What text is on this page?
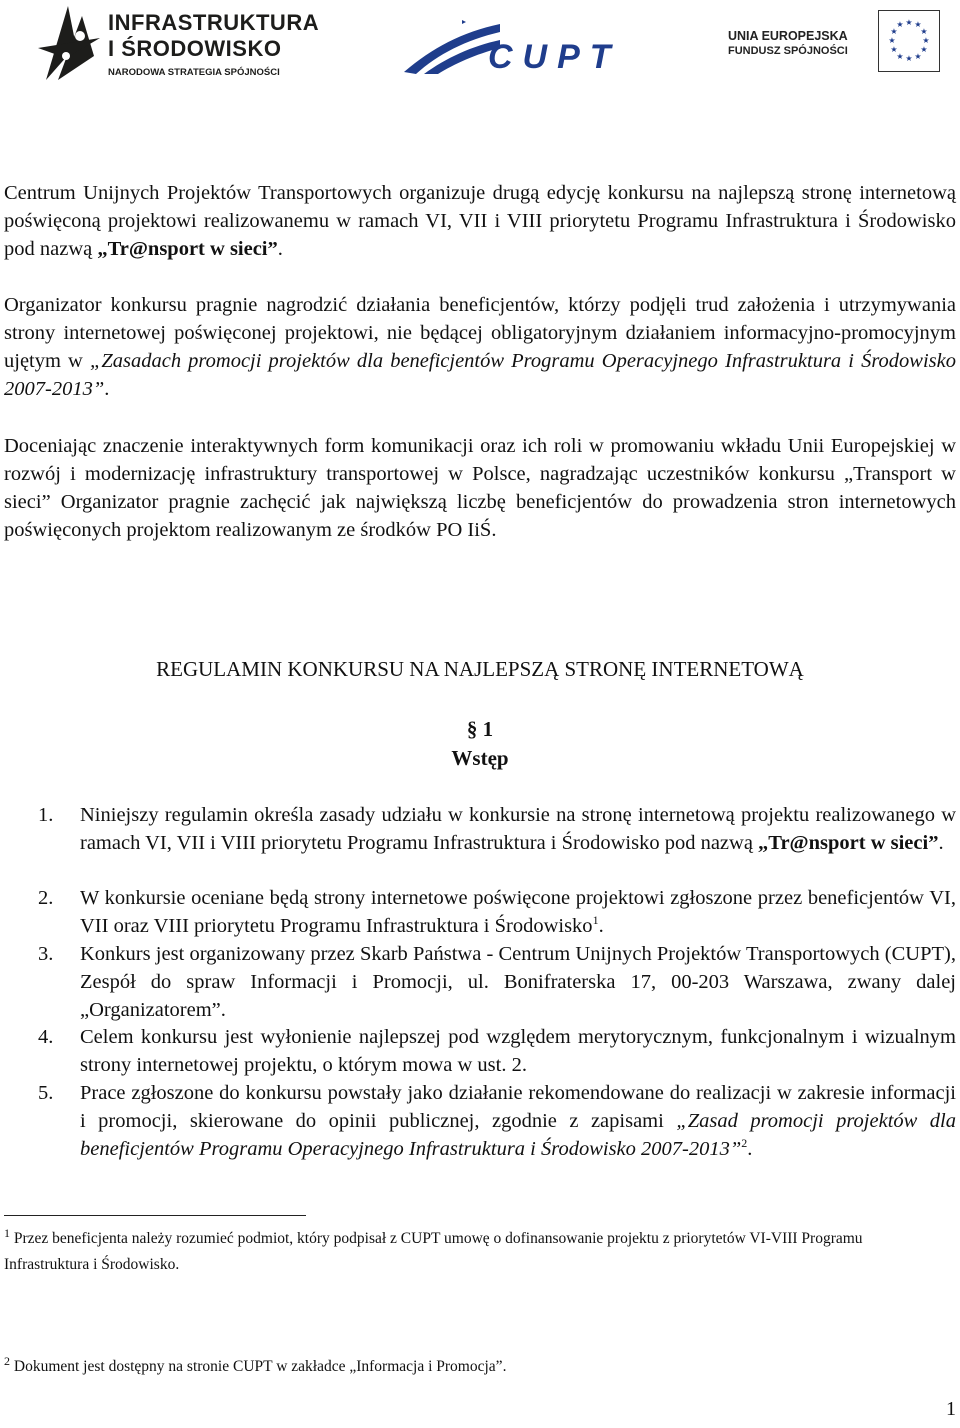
INFRASTRUKTURA
I ŚRODOWISKO
NARODOWA STRATEGIA SPÓJNOŚCI	CUPT
UNIA EUROPEJSKA
FUNDUSZ SPÓJNOŚCI
★ ★
★
★
★
★
★
★
★
★
★
★

Centrum Unijnych Projektów Transportowych organizuje drugą edycję konkursu na najlepszą stronę internetową poświęconą projektowi realizowanemu w ramach VI, VII i VIII priorytetu Programu Infrastruktura i Środowisko pod nazwą „Tr@nsport w sieci”.

Organizator konkursu pragnie nagrodzić działania beneficjentów, którzy podjęli trud założenia i utrzymywania strony internetowej poświęconej projektowi, nie będącej obligatoryjnym działaniem informacyjno-promocyjnym ujętym w „Zasadach promocji projektów dla beneficjentów Programu Operacyjnego Infrastruktura i Środowisko 2007-2013”.

Doceniając znaczenie interaktywnych form komunikacji oraz ich roli w promowaniu wkładu Unii Europejskiej w rozwój i modernizację infrastruktury transportowej w Polsce, nagradzając uczestników konkursu „Transport w sieci” Organizator pragnie zachęcić jak największą liczbę beneficjentów do prowadzenia stron internetowych poświęconych projektom realizowanym ze środków PO IiŚ.

REGULAMIN KONKURSU NA NAJLEPSZĄ STRONĘ INTERNETOWĄ
§ 1
Wstęp
1.	Niniejszy regulamin określa zasady udziału w konkursie na stronę internetową projektu realizowanego w ramach VI, VII i VIII priorytetu Programu Infrastruktura i Środowisko pod nazwą „Tr@nsport w sieci”.
2.	W konkursie oceniane będą strony internetowe poświęcone projektowi zgłoszone przez beneficjentów VI, VII oraz VIII priorytetu Programu Infrastruktura i Środowisko$^1$.
3.	Konkurs jest organizowany przez Skarb Państwa - Centrum Unijnych Projektów Transportowych (CUPT), Zespół do spraw Informacji i Promocji, ul. Bonifraterska 17, 00-203 Warszawa, zwany dalej „Organizatorem”.
4.	Celem konkursu jest wyłonienie najlepszej pod względem merytorycznym, funkcjonalnym i wizualnym strony internetowej projektu, o którym mowa w ust. 2.
5.	Prace zgłoszone do konkursu powstały jako działanie rekomendowane do realizacji w zakresie informacji i promocji, skierowane do opinii publicznej, zgodnie z zapisami „Zasad promocji projektów dla beneficjentów Programu Operacyjnego Infrastruktura i Środowisko 2007-2013”$^2$.
$^1$ Przez beneficjenta należy rozumieć podmiot, który podpisał z CUPT umowę o dofinansowanie projektu z priorytetów VI-VIII Programu Infrastruktura i Środowisko.
$^2$ Dokument jest dostępny na stronie CUPT w zakładce „Informacja i Promocja”.
1
